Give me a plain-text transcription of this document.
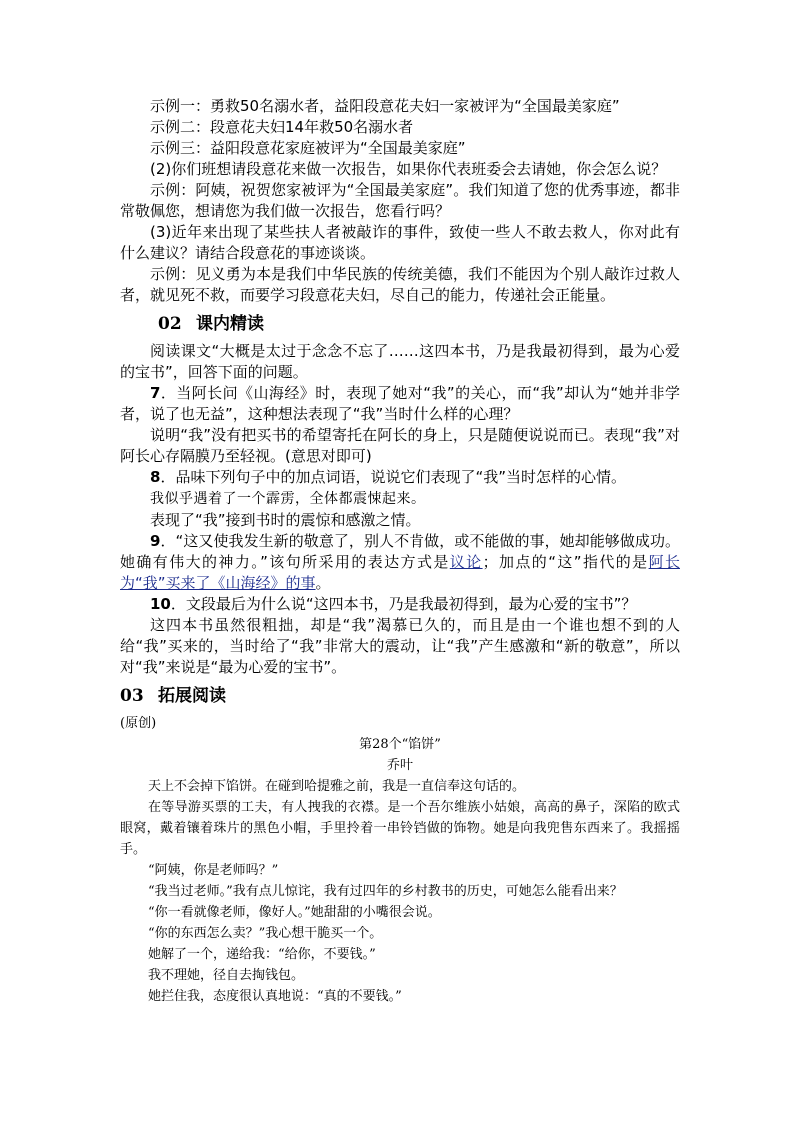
示例一：勇救50名溺水者，益阳段意花夫妇一家被评为“全国最美家庭”

示例二：段意花夫妇14年救50名溺水者

示例三：益阳段意花家庭被评为“全国最美家庭”

(2)你们班想请段意花来做一次报告，如果你代表班委会去请她，你会怎么说？

示例：阿姨，祝贺您家被评为“全国最美家庭”。我们知道了您的优秀事迹，都非常敬佩您，想请您为我们做一次报告，您看行吗？

(3)近年来出现了某些扶人者被敲诈的事件，致使一些人不敢去救人，你对此有什么建议？请结合段意花的事迹谈谈。

示例：见义勇为本是我们中华民族的传统美德，我们不能因为个别人敲诈过救人者，就见死不救，而要学习段意花夫妇，尽自己的能力，传递社会正能量。

02 课内精读

阅读课文“大概是太过于念念不忘了……这四本书，乃是我最初得到，最为心爱的宝书”，回答下面的问题。

7．当阿长问《山海经》时，表现了她对“我”的关心，而“我”却认为“她并非学者，说了也无益”，这种想法表现了“我”当时什么样的心理？

说明“我”没有把买书的希望寄托在阿长的身上，只是随便说说而已。表现“我”对阿长心存隔膜乃至轻视。(意思对即可)

8．品味下列句子中的加点词语，说说它们表现了“我”当时怎样的心情。

我似乎遇着了一个霹雳，全体都震悚起来。

表现了“我”接到书时的震惊和感激之情。

9．“这又使我发生新的敬意了，别人不肯做，或不能做的事，她却能够做成功。她确有伟大的神力。”该句所采用的表达方式是议论；加点的“这”指代的是阿长为“我”买来了《山海经》的事。

10．文段最后为什么说“这四本书，乃是我最初得到，最为心爱的宝书”？

这四本书虽然很粗拙，却是“我”渴慕已久的，而且是由一个谁也想不到的人给“我”买来的，当时给了“我”非常大的震动，让“我”产生感激和“新的敬意”，所以对“我”来说是“最为心爱的宝书”。

03 拓展阅读

(原创)

第28个“馅饼”

乔叶

天上不会掉下馅饼。在碰到哈提雅之前，我是一直信奉这句话的。

在等导游买票的工夫，有人拽我的衣襟。是一个吾尔维族小姑娘，高高的鼻子，深陷的欧式眼窝，戴着镶着珠片的黑色小帽，手里拎着一串铃铛做的饰物。她是向我兜售东西来了。我摇摇手。

“阿姨，你是老师吗？”

“我当过老师。”我有点儿惊诧，我有过四年的乡村教书的历史，可她怎么能看出来？

“你一看就像老师，像好人。”她甜甜的小嘴很会说。

“你的东西怎么卖？”我心想干脆买一个。

她解了一个，递给我：“给你，不要钱。”

我不理她，径自去掏钱包。

她拦住我，态度很认真地说：“真的不要钱。”
